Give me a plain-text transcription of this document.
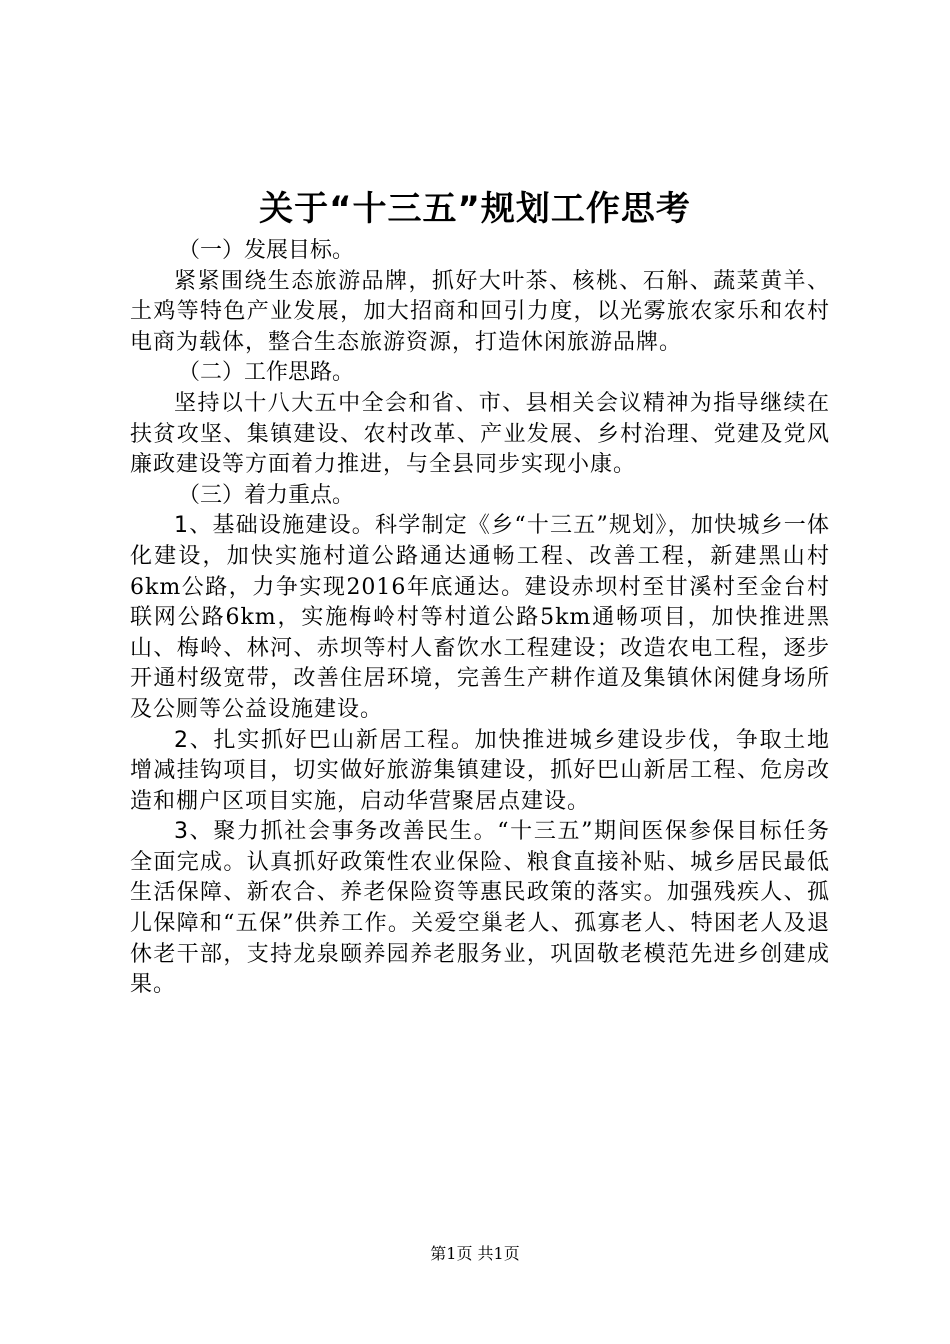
关于“十三五”规划工作思考
（一）发展目标。
紧紧围绕生态旅游品牌，抓好大叶茶、核桃、石斛、蔬菜黄羊、土鸡等特色产业发展，加大招商和回引力度，以光雾旅农家乐和农村电商为载体，整合生态旅游资源，打造休闲旅游品牌。
（二）工作思路。
坚持以十八大五中全会和省、市、县相关会议精神为指导继续在扶贫攻坚、集镇建设、农村改革、产业发展、乡村治理、党建及党风廉政建设等方面着力推进，与全县同步实现小康。
（三）着力重点。
1、基础设施建设。科学制定《乡“十三五”规划》，加快城乡一体化建设，加快实施村道公路通达通畅工程、改善工程，新建黑山村6km公路，力争实现2016年底通达。建设赤坝村至甘溪村至金台村联网公路6km，实施梅岭村等村道公路5km通畅项目，加快推进黑山、梅岭、林河、赤坝等村人畜饮水工程建设；改造农电工程，逐步开通村级宽带，改善住居环境，完善生产耕作道及集镇休闲健身场所及公厕等公益设施建设。
2、扎实抓好巴山新居工程。加快推进城乡建设步伐，争取土地增减挂钩项目，切实做好旅游集镇建设，抓好巴山新居工程、危房改造和棚户区项目实施，启动华营聚居点建设。
3、聚力抓社会事务改善民生。“十三五”期间医保参保目标任务全面完成。认真抓好政策性农业保险、粮食直接补贴、城乡居民最低生活保障、新农合、养老保险资等惠民政策的落实。加强残疾人、孤儿保障和“五保”供养工作。关爱空巢老人、孤寡老人、特困老人及退休老干部，支持龙泉颐养园养老服务业，巩固敬老模范先进乡创建成果。
第1页 共1页
